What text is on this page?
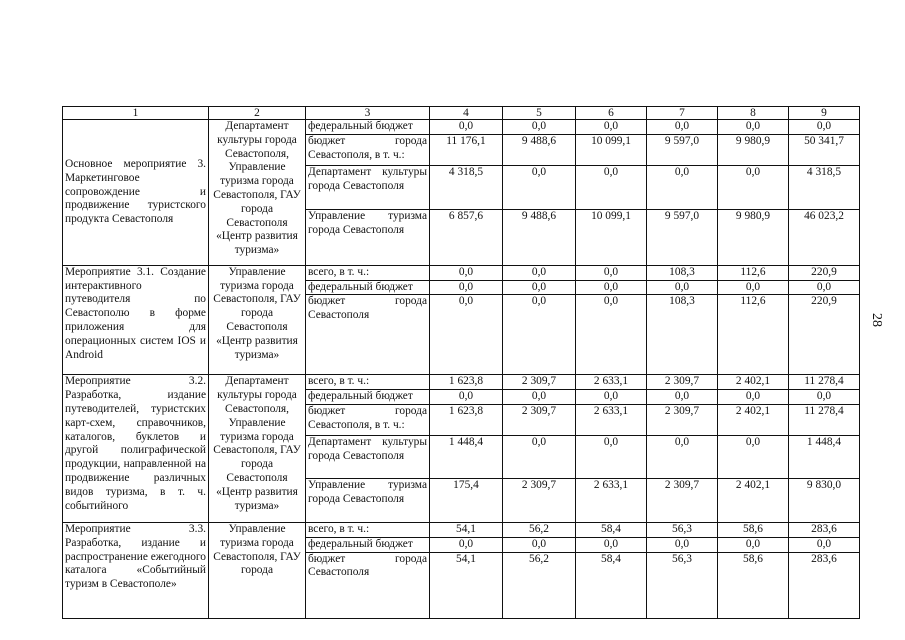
1	2	3	4	5	6	7	8	9
Основное мероприятие 3. Маркетинговое сопровождение и продвижение туристского продукта Севастополя	Департамент культуры города Севастополя, Управление туризма города Севастополя, ГАУ города Севастополя «Центр развития туризма»	федеральный бюджет	0,0	0,0	0,0	0,0	0,0	0,0
		бюджет города Севастополя, в т. ч.:	11 176,1	9 488,6	10 099,1	9 597,0	9 980,9	50 341,7
		Департамент культуры города Севастополя	4 318,5	0,0	0,0	0,0	0,0	4 318,5
		Управление туризма города Севастополя	6 857,6	9 488,6	10 099,1	9 597,0	9 980,9	46 023,2
Мероприятие 3.1. Создание интерактивного путеводителя по Севастополю в форме приложения для операционных систем IOS и Android	Управление туризма города Севастополя, ГАУ города Севастополя «Центр развития туризма»	всего, в т. ч.:	0,0	0,0	0,0	108,3	112,6	220,9
		федеральный бюджет	0,0	0,0	0,0	0,0	0,0	0,0
		бюджет города Севастополя	0,0	0,0	0,0	108,3	112,6	220,9
Мероприятие 3.2. Разработка, издание путеводителей, туристских карт-схем, справочников, каталогов, буклетов и другой полиграфической продукции, направленной на продвижение различных видов туризма, в т. ч. событийного	Департамент культуры города Севастополя, Управление туризма города Севастополя, ГАУ города Севастополя «Центр развития туризма»	всего, в т. ч.:	1 623,8	2 309,7	2 633,1	2 309,7	2 402,1	11 278,4
		федеральный бюджет	0,0	0,0	0,0	0,0	0,0	0,0
		бюджет города Севастополя, в т. ч.:	1 623,8	2 309,7	2 633,1	2 309,7	2 402,1	11 278,4
		Департамент культуры города Севастополя	1 448,4	0,0	0,0	0,0	0,0	1 448,4
		Управление туризма города Севастополя	175,4	2 309,7	2 633,1	2 309,7	2 402,1	9 830,0
Мероприятие 3.3. Разработка, издание и распространение ежегодного каталога «Событийный туризм в Севастополе»	Управление туризма города Севастополя, ГАУ города	всего, в т. ч.:	54,1	56,2	58,4	56,3	58,6	283,6
		федеральный бюджет	0,0	0,0	0,0	0,0	0,0	0,0
		бюджет города Севастополя	54,1	56,2	58,4	56,3	58,6	283,6
28
